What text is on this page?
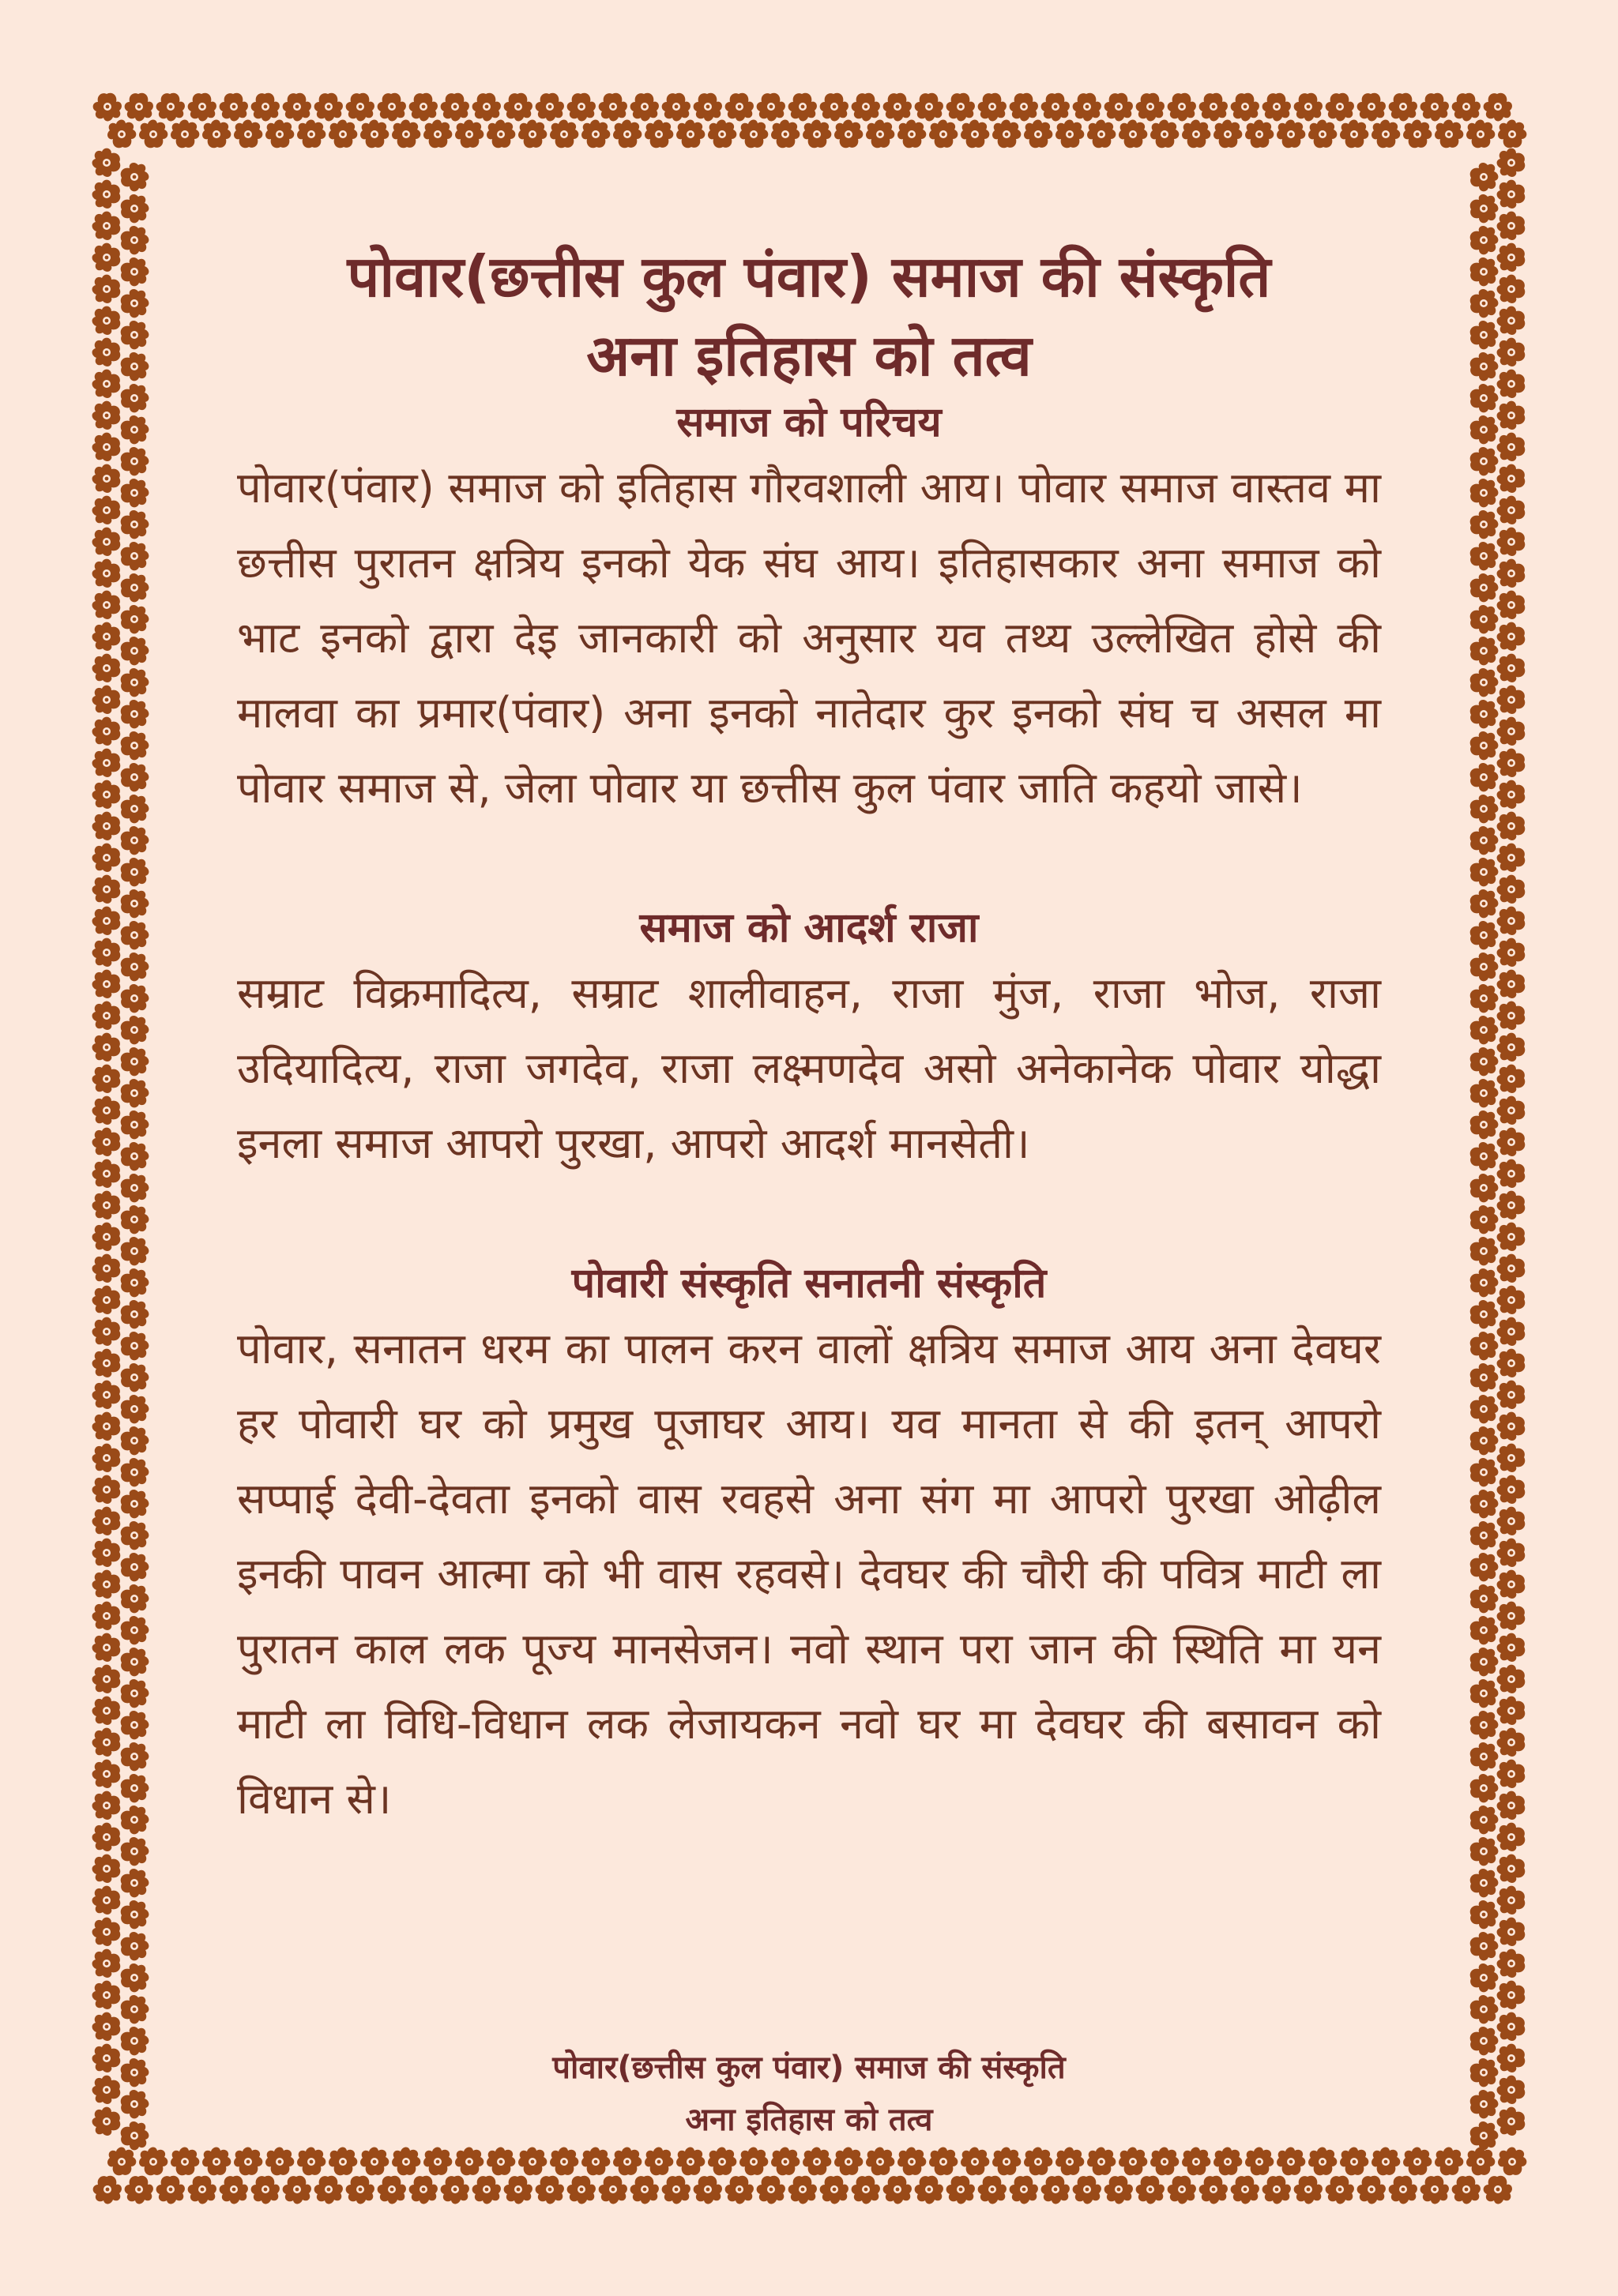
पोवार(छत्तीस कुल पंवार) समाज की संस्कृति
अना इतिहास को तत्व
समाज को परिचय

पोवार(पंवार) समाज को इतिहास गौरवशाली आय। पोवार समाज वास्तव मा छत्तीस पुरातन क्षत्रिय इनको येक संघ आय। इतिहासकार अना समाज को भाट इनको द्वारा देइ जानकारी को अनुसार यव तथ्य उल्लेखित होसे की मालवा का प्रमार(पंवार) अना इनको नातेदार कुर इनको संघ च असल मा पोवार समाज से, जेला पोवार या छत्तीस कुल पंवार जाति कहयो जासे।

समाज को आदर्श राजा

सम्राट विक्रमादित्य, सम्राट शालीवाहन, राजा मुंज, राजा भोज, राजा उदियादित्य, राजा जगदेव, राजा लक्ष्मणदेव असो अनेकानेक पोवार योद्धा इनला समाज आपरो पुरखा, आपरो आदर्श मानसेती।

पोवारी संस्कृति सनातनी संस्कृति

पोवार, सनातन धरम का पालन करन वालों क्षत्रिय समाज आय अना देवघर हर पोवारी घर को प्रमुख पूजाघर आय। यव मानता से की इतन् आपरो सप्पाई देवी-देवता इनको वास रवहसे अना संग मा आपरो पुरखा ओढ़ील इनकी पावन आत्मा को भी वास रहवसे। देवघर की चौरी की पवित्र माटी ला पुरातन काल लक पूज्य मानसेजन। नवो स्थान परा जान की स्थिति मा यन माटी ला विधि-विधान लक लेजायकन नवो घर मा देवघर की बसावन को विधान से।

पोवार(छत्तीस कुल पंवार) समाज की संस्कृति
अना इतिहास को तत्व
